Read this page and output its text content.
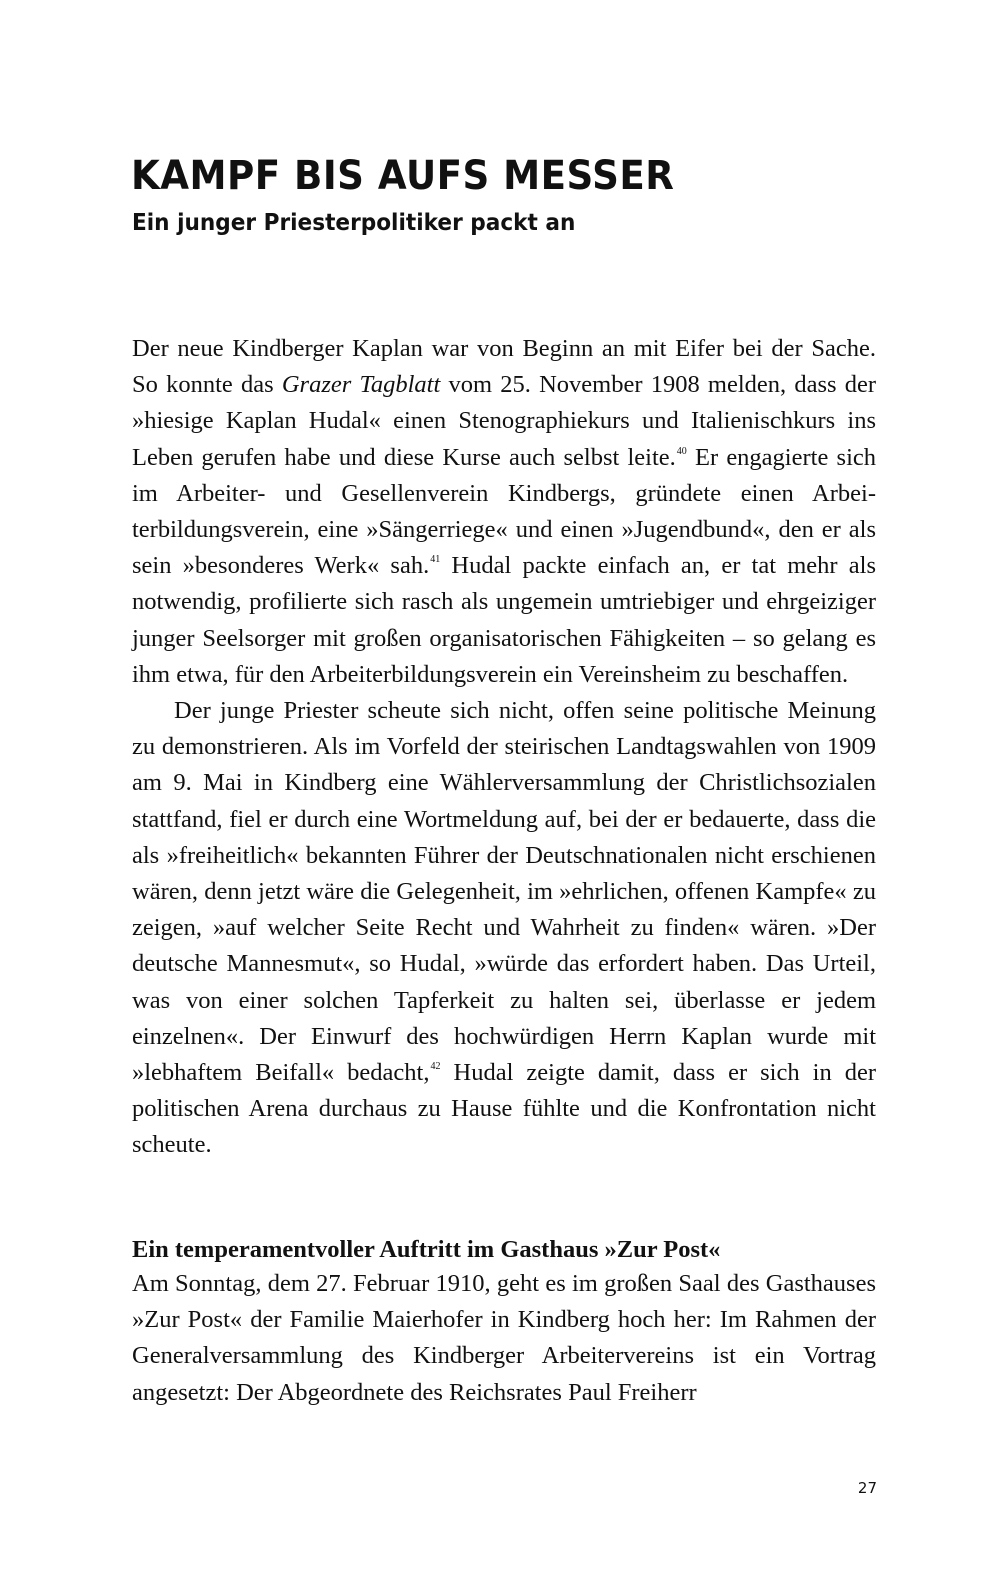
KAMPF BIS AUFS MESSER
Ein junger Priesterpolitiker packt an

Der neue Kindberger Kaplan war von Beginn an mit Eifer bei der Sache. So konnte das Grazer Tagblatt vom 25. November 1908 melden, dass der »hiesige Kaplan Hudal« einen Stenographiekurs und Italienischkurs ins Leben gerufen habe und diese Kurse auch selbst leite.$^{40}$ Er engagierte sich im Arbeiter- und Gesellenverein Kindbergs, gründete einen Arbeiterbildungsverein, eine »Sängerriege« und einen »Jugendbund«, den er als sein »besonderes Werk« sah.$^{41}$ Hudal packte einfach an, er tat mehr als notwendig, profilierte sich rasch als ungemein umtriebiger und ehrgeiziger junger Seelsorger mit großen organisatorischen Fähigkeiten – so gelang es ihm etwa, für den Arbeiterbildungsverein ein Vereinsheim zu beschaffen.

Der junge Priester scheute sich nicht, offen seine politische Meinung zu demonstrieren. Als im Vorfeld der steirischen Landtagswahlen von 1909 am 9. Mai in Kindberg eine Wählerversammlung der Christlichsozialen stattfand, fiel er durch eine Wortmeldung auf, bei der er bedauerte, dass die als »freiheitlich« bekannten Führer der Deutschnationalen nicht erschienen wären, denn jetzt wäre die Gelegenheit, im »ehrlichen, offenen Kampfe« zu zeigen, »auf welcher Seite Recht und Wahrheit zu finden« wären. »Der deutsche Mannesmut«, so Hudal, »würde das erfordert haben. Das Urteil, was von einer solchen Tapferkeit zu halten sei, überlasse er jedem einzelnen«. Der Einwurf des hochwürdigen Herrn Kaplan wurde mit »lebhaftem Beifall« bedacht,$^{42}$ Hudal zeigte damit, dass er sich in der politischen Arena durchaus zu Hause fühlte und die Konfrontation nicht scheute.

Ein temperamentvoller Auftritt im Gasthaus »Zur Post«

Am Sonntag, dem 27. Februar 1910, geht es im großen Saal des Gasthauses »Zur Post« der Familie Maierhofer in Kindberg hoch her: Im Rahmen der Generalversammlung des Kindberger Arbeitervereins ist ein Vortrag angesetzt: Der Abgeordnete des Reichsrates Paul Freiherr

27
